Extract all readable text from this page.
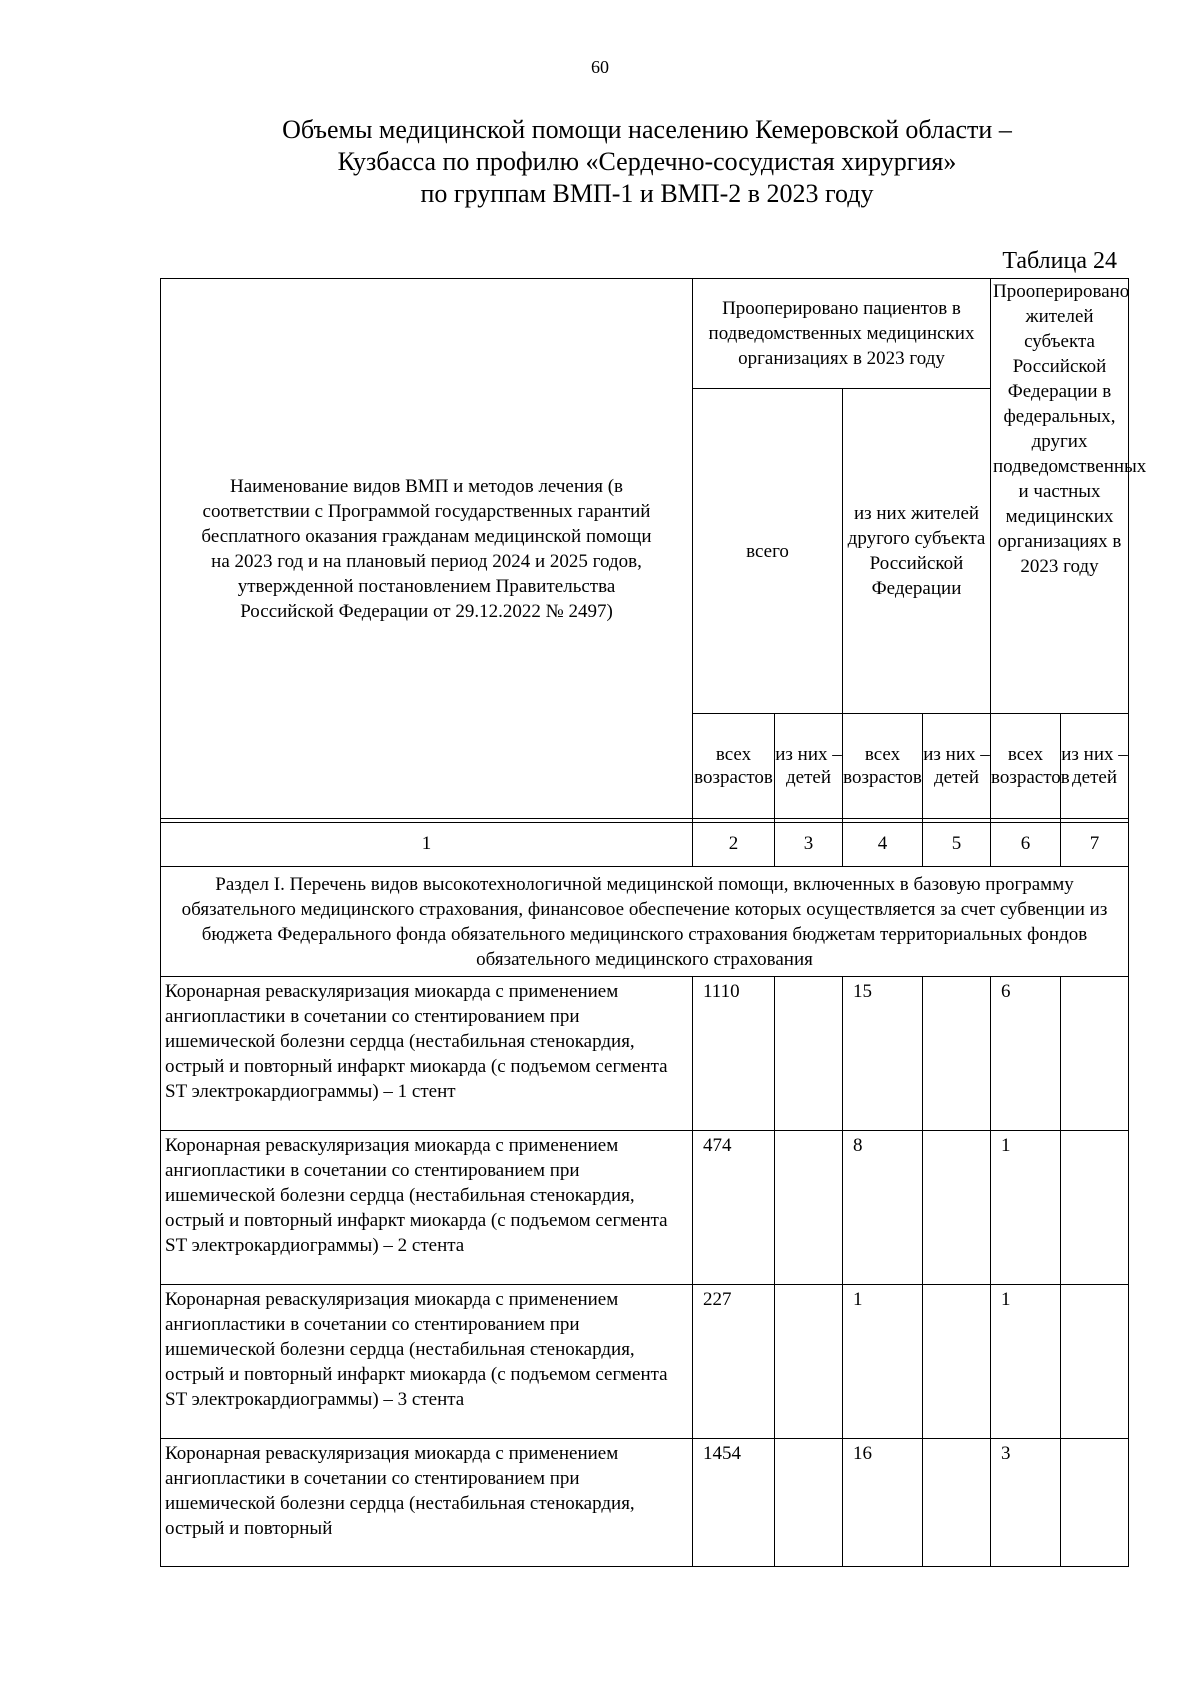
60
Объемы медицинской помощи населению Кемеровской области –
Кузбасса по профилю «Сердечно-сосудистая хирургия»
по группам ВМП-1 и ВМП-2 в 2023 году
Таблица 24
Наименование видов ВМП и методов лечения (в соответствии с Программой государственных гарантий бесплатного оказания гражданам медицинской помощи на 2023 год и на плановый период 2024 и 2025 годов, утвержденной постановлением Правительства Российской Федерации от 29.12.2022 № 2497)	Прооперировано пациентов в подведомственных медицинских организациях в 2023 году				Прооперировано жителей субъекта Российской Федерации в федеральных, других подведомственных и частных медицинских организациях в 2023 году	
	всего		из них жителей другого субъекта Российской Федерации			
	всех возрастов	из них – детей	всех возрастов	из них – детей	всех возрастов	из них – детей

1	2	3	4	5	6	7
Раздел I. Перечень видов высокотехнологичной медицинской помощи, включенных в базовую программу обязательного медицинского страхования, финансовое обеспечение которых осуществляется за счет субвенции из бюджета Федерального фонда обязательного медицинского страхования бюджетам территориальных фондов обязательного медицинского страхования						
Коронарная реваскуляризация миокарда с применением ангиопластики в сочетании со стентированием при ишемической болезни сердца (нестабильная стенокардия, острый и повторный инфаркт миокарда (с подъемом сегмента ST электрокардиограммы) – 1 стент	1110		15		6	
Коронарная реваскуляризация миокарда с применением ангиопластики в сочетании со стентированием при ишемической болезни сердца (нестабильная стенокардия, острый и повторный инфаркт миокарда (с подъемом сегмента ST электрокардиограммы) – 2 стента	474		8		1	
Коронарная реваскуляризация миокарда с применением ангиопластики в сочетании со стентированием при ишемической болезни сердца (нестабильная стенокардия, острый и повторный инфаркт миокарда (с подъемом сегмента ST электрокардиограммы) – 3 стента	227		1		1	
Коронарная реваскуляризация миокарда с применением ангиопластики в сочетании со стентированием при ишемической болезни сердца (нестабильная стенокардия, острый и повторный	1454		16		3	
